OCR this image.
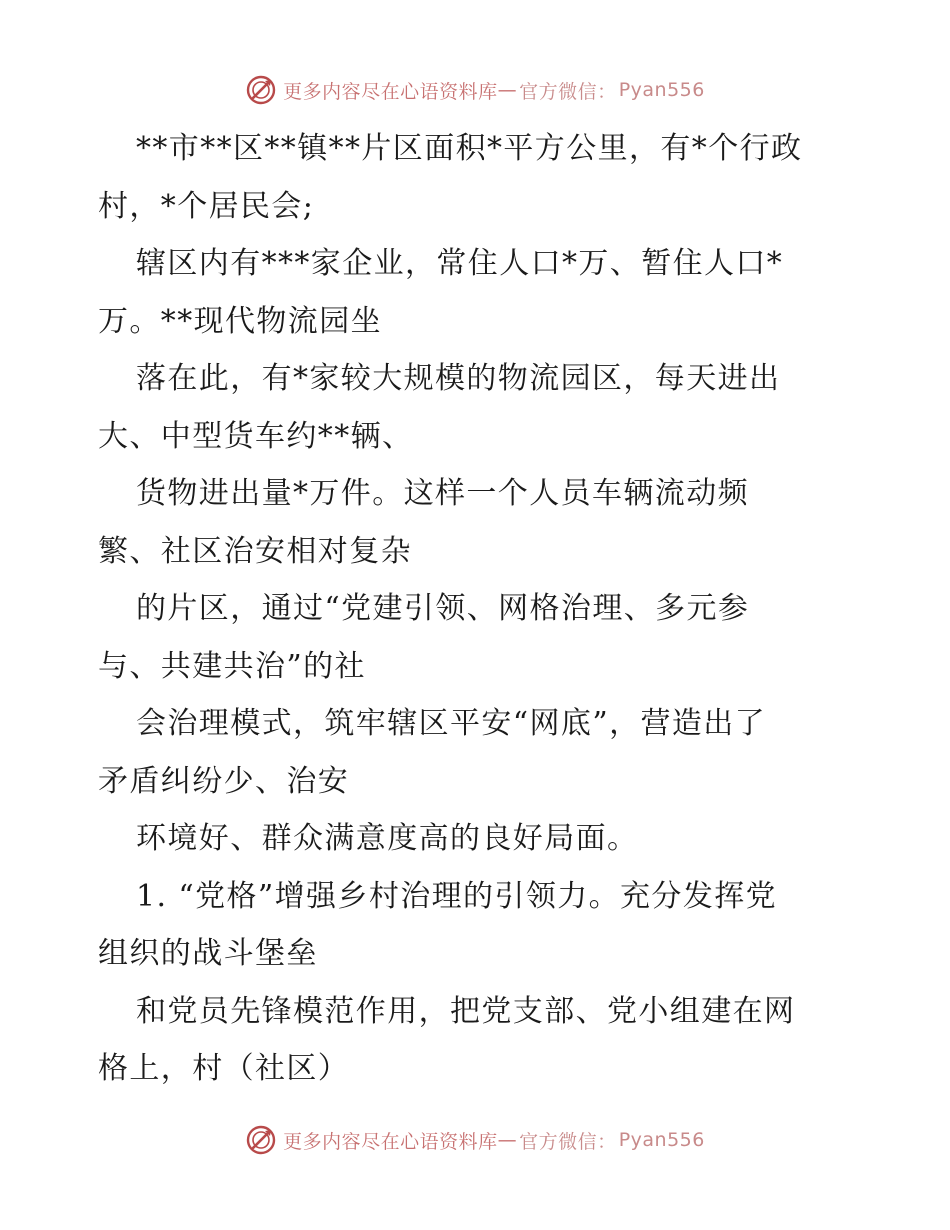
更多内容尽在心语资料库 — 官方微信： Pyan556
**市**区**镇**片区面积*平方公里，有*个行政
村，*个居民会;
辖区内有***家企业，常住人口*万、暂住人口*
万。**现代物流园坐
落在此，有*家较大规模的物流园区，每天进出
大、中型货车约**辆、
货物进出量*万件。这样一个人员车辆流动频
繁、社区治安相对复杂
的片区，通过“党建引领、网格治理、多元参
与、共建共治”的社
会治理模式，筑牢辖区平安“网底”，营造出了
矛盾纠纷少、治安
环境好、群众满意度高的良好局面。
1. “党格”增强乡村治理的引领力。充分发挥党
组织的战斗堡垒
和党员先锋模范作用，把党支部、党小组建在网
格上，村（社区）
更多内容尽在心语资料库 — 官方微信： Pyan556
